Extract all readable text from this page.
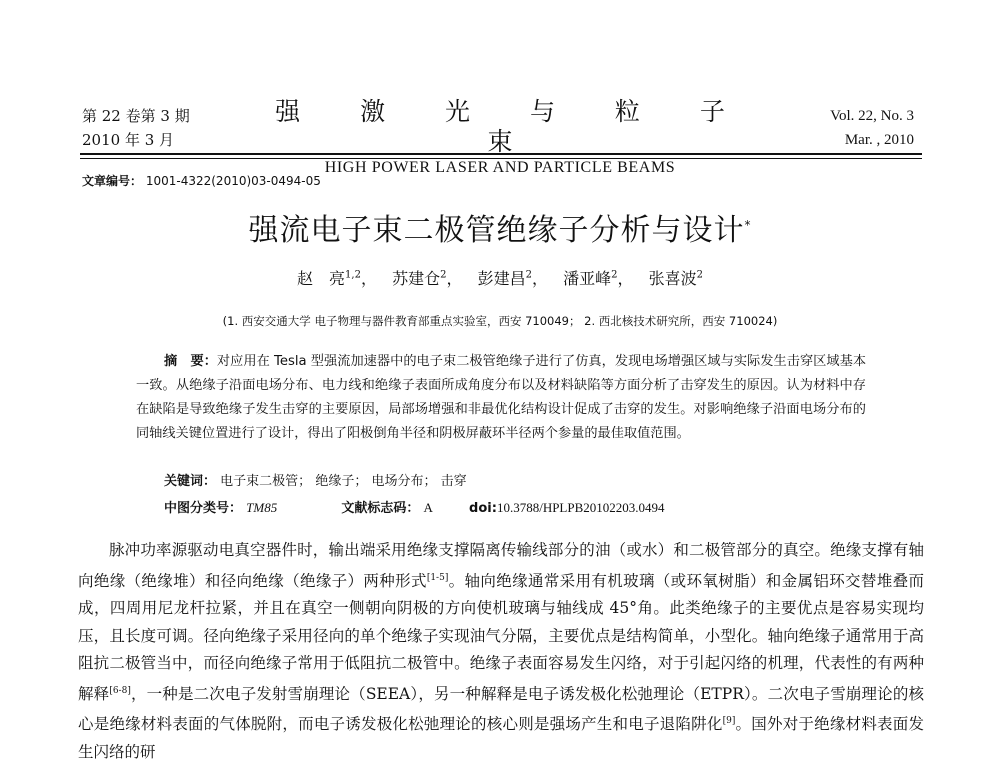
第 22 卷第 3 期
2010 年 3 月
强 激 光 与 粒 子 束
HIGH POWER LASER AND PARTICLE BEAMS
Vol. 22, No. 3
Mar. , 2010
文章编号： 1001-4322(2010)03-0494-05
强流电子束二极管绝缘子分析与设计*
赵　亮$^{1,2}$， 苏建仓$^2$， 彭建昌$^2$， 潘亚峰$^2$， 张喜波$^2$
(1. 西安交通大学 电子物理与器件教育部重点实验室，西安 710049； 2. 西北核技术研究所，西安 710024)
摘　要：对应用在 Tesla 型强流加速器中的电子束二极管绝缘子进行了仿真，发现电场增强区域与实际发生击穿区域基本一致。从绝缘子沿面电场分布、电力线和绝缘子表面所成角度分布以及材料缺陷等方面分析了击穿发生的原因。认为材料中存在缺陷是导致绝缘子发生击穿的主要原因，局部场增强和非最优化结构设计促成了击穿的发生。对影响绝缘子沿面电场分布的同轴线关键位置进行了设计，得出了阳极倒角半径和阴极屏蔽环半径两个参量的最佳取值范围。
关键词： 电子束二极管； 绝缘子； 电场分布； 击穿
中图分类号： TM85	文献标志码： A	doi:10.3788/HPLPB20102203.0494

脉冲功率源驱动电真空器件时，输出端采用绝缘支撑隔离传输线部分的油（或水）和二极管部分的真空。绝缘支撑有轴向绝缘（绝缘堆）和径向绝缘（绝缘子）两种形式[1-5]。轴向绝缘通常采用有机玻璃（或环氧树脂）和金属铝环交替堆叠而成，四周用尼龙杆拉紧，并且在真空一侧朝向阴极的方向使机玻璃与轴线成 45°角。此类绝缘子的主要优点是容易实现均压，且长度可调。径向绝缘子采用径向的单个绝缘子实现油气分隔，主要优点是结构简单，小型化。轴向绝缘子通常用于高阻抗二极管当中，而径向绝缘子常用于低阻抗二极管中。绝缘子表面容易发生闪络，对于引起闪络的机理，代表性的有两种解释[6-8]，一种是二次电子发射雪崩理论（SEEA），另一种解释是电子诱发极化松弛理论（ETPR）。二次电子雪崩理论的核心是绝缘材料表面的气体脱附，而电子诱发极化松弛理论的核心则是强场产生和电子退陷阱化[9]。国外对于绝缘材料表面发生闪络的研
